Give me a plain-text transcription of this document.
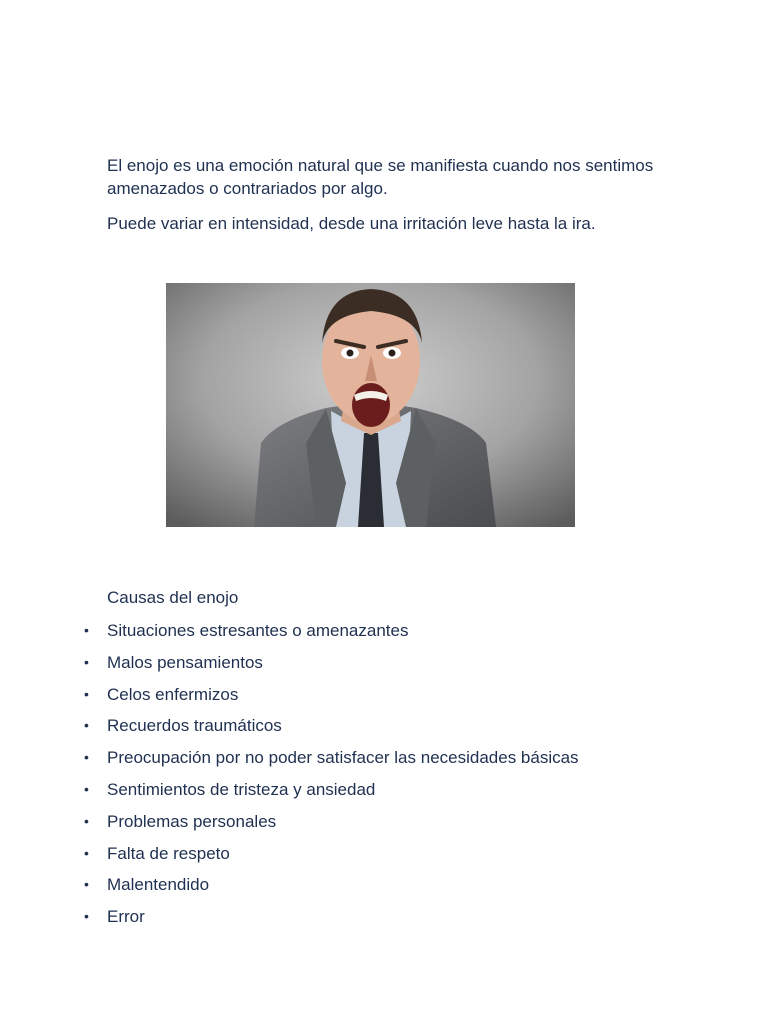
El enojo es una emoción natural que se manifiesta cuando nos sentimos amenazados o contrariados por algo.

Puede variar en intensidad, desde una irritación leve hasta la ira.

Causas del enojo

• Situaciones estresantes o amenazantes
• Malos pensamientos
• Celos enfermizos
• Recuerdos traumáticos
• Preocupación por no poder satisfacer las necesidades básicas
• Sentimientos de tristeza y ansiedad
• Problemas personales
• Falta de respeto
• Malentendido
• Error
